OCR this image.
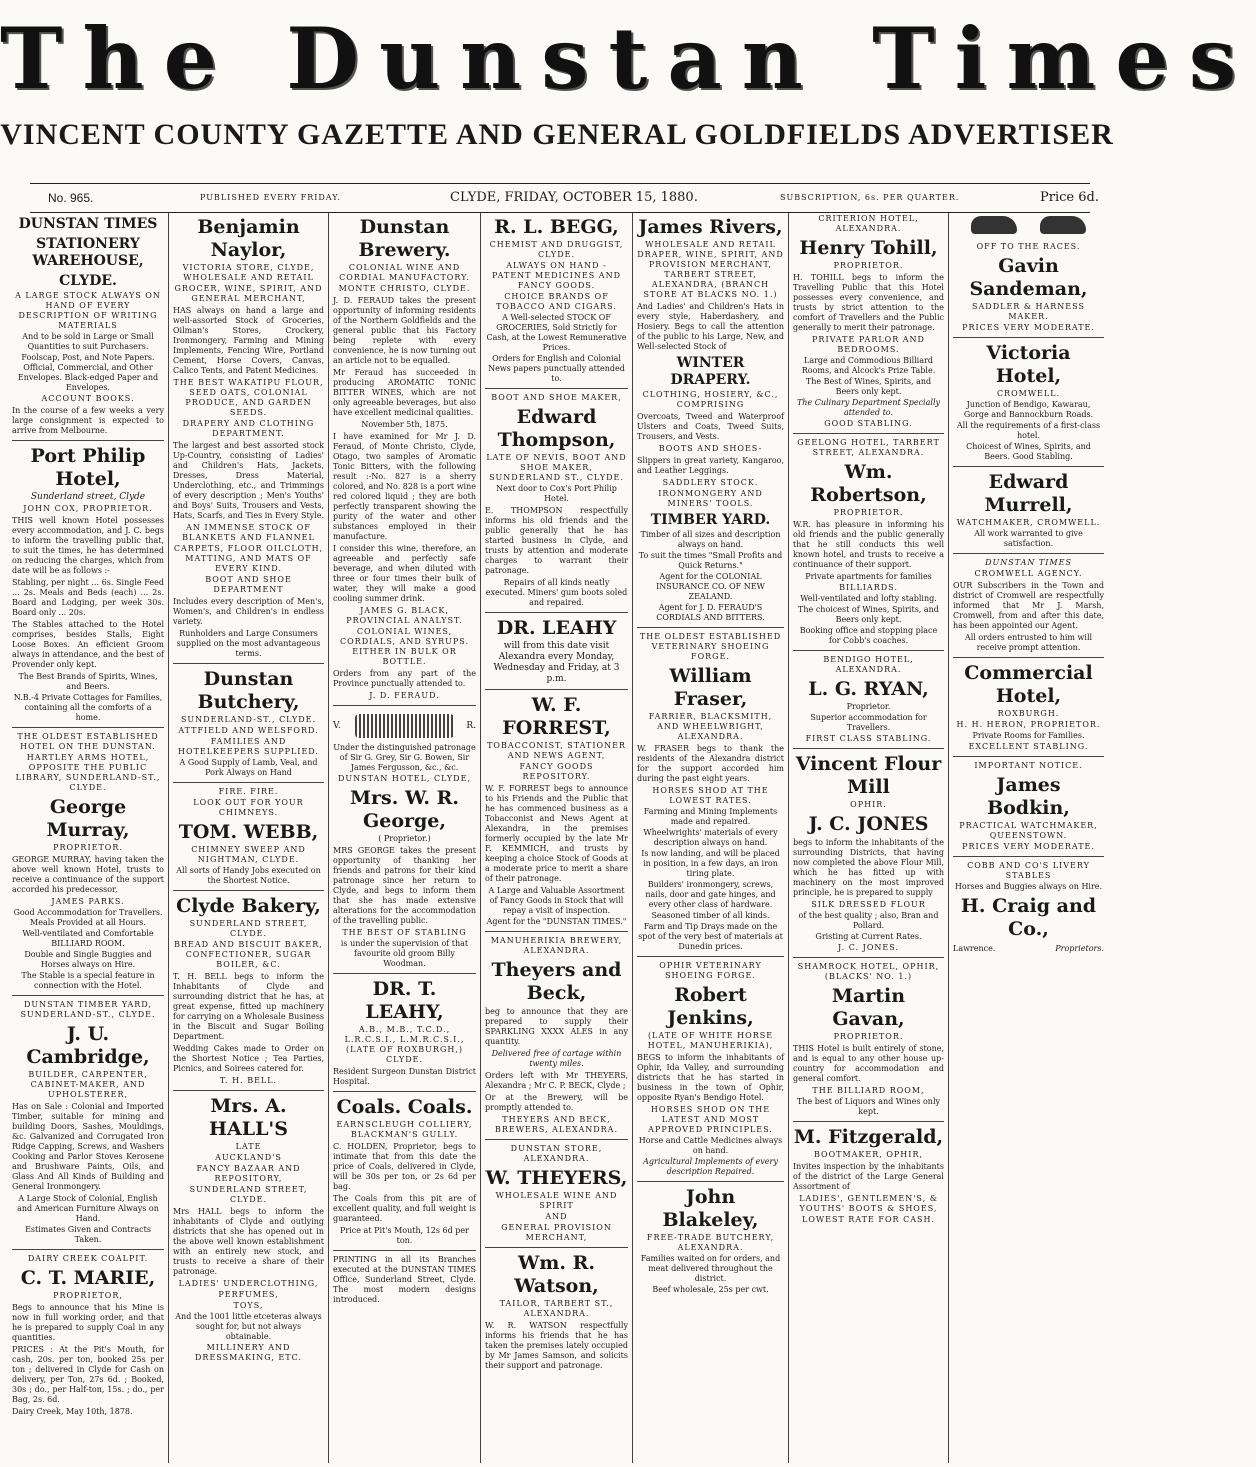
The Dunstan Times
VINCENT COUNTY GAZETTE AND GENERAL GOLDFIELDS ADVERTISER
No. 965.	PUBLISHED EVERY FRIDAY.	CLYDE, FRIDAY, OCTOBER 15, 1880.	SUBSCRIPTION, 6s. PER QUARTER.	Price 6d.
DUNSTAN TIMES
STATIONERY WAREHOUSE,
CLYDE.
A LARGE STOCK ALWAYS ON HAND OF EVERY DESCRIPTION OF WRITING MATERIALS
And to be sold in Large or Small Quantities to suit Purchasers.
Foolscap, Post, and Note Papers. Official, Commercial, and Other Envelopes. Black-edged Paper and Envelopes.
ACCOUNT BOOKS.
In the course of a few weeks a very large consignment is expected to arrive from Melbourne.
Port Philip Hotel,
Sunderland street, Clyde
JOHN COX, PROPRIETOR.
THIS well known Hotel possesses every accommodation, and J. C. begs to inform the travelling public that, to suit the times, he has determined on reducing the charges, which from date will be as follows :-
Stabling, per night ... 6s. Single Feed ... 2s. Meals and Beds (each) ... 2s. Board and Lodging, per week 30s. Board only ... 20s.
The Stables attached to the Hotel comprises, besides Stalls, Eight Loose Boxes. An efficient Groom always in attendance, and the best of Provender only kept.
The Best Brands of Spirits, Wines, and Beers.
N.B.-4 Private Cottages for Families, containing all the comforts of a home.
THE OLDEST ESTABLISHED HOTEL ON THE DUNSTAN.
HARTLEY ARMS HOTEL, OPPOSITE THE PUBLIC LIBRARY, SUNDERLAND-ST., CLYDE.
George Murray,
PROPRIETOR.
GEORGE MURRAY, having taken the above well known Hotel, trusts to receive a continuance of the support accorded his predecessor,
JAMES PARKS.
Good Accommodation for Travellers. Meals Provided at all Hours.
Well-ventilated and Comfortable BILLIARD ROOM.
Double and Single Buggies and Horses always on Hire.
The Stable is a special feature in connection with the Hotel.
DUNSTAN TIMBER YARD, SUNDERLAND-ST., CLYDE.
J. U. Cambridge,
BUILDER, CARPENTER, CABINET-MAKER, AND UPHOLSTERER,
Has on Sale : Colonial and Imported Timber, suitable for mining and building Doors, Sashes, Mouldings, &c. Galvanized and Corrugated Iron Ridge Capping, Screws, and Washers Cooking and Parlor Stoves Kerosene and Brushware Paints, Oils, and Glass And All Kinds of Building and General Ironmongery.
A Large Stock of Colonial, English and American Furniture Always on Hand.
Estimates Given and Contracts Taken.
DAIRY CREEK COALPIT.
C. T. MARIE,
PROPRIETOR,
Begs to announce that his Mine is now in full working order, and that he is prepared to supply Coal in any quantities.
PRICES : At the Pit's Mouth, for cash, 20s. per ton, booked 25s per ton ; delivered in Clyde for Cash on delivery, per Ton, 27s 6d. ; Booked, 30s ; do., per Half-ton, 15s. ; do., per Bag, 2s. 6d.
Dairy Creek, May 10th, 1878.
Benjamin Naylor,
VICTORIA STORE, CLYDE, WHOLESALE AND RETAIL
GROCER, WINE, SPIRIT, AND GENERAL MERCHANT,
HAS always on hand a large and well-assorted Stock of Groceries, Oilman's Stores, Crockery, Ironmongery, Farming and Mining Implements, Fencing Wire, Portland Cement, Horse Covers, Canvas, Calico Tents, and Patent Medicines.
THE BEST WAKATIPU FLOUR, SEED OATS, COLONIAL PRODUCE, AND GARDEN SEEDS.
DRAPERY AND CLOTHING DEPARTMENT.
The largest and best assorted stock Up-Country, consisting of Ladies' and Children's Hats, Jackets, Dresses, Dress Material, Underclothing, etc., and Trimmings of every description ; Men's Youths' and Boys' Suits, Trousers and Vests, Hats, Scarfs, and Ties in Every Style.
AN IMMENSE STOCK OF BLANKETS AND FLANNEL
CARPETS, FLOOR OILCLOTH, MATTING, AND MATS OF EVERY KIND.
BOOT AND SHOE DEPARTMENT
Includes every description of Men's, Women's, and Children's in endless variety.
Runholders and Large Consumers supplied on the most advantageous terms.
Dunstan Butchery,
SUNDERLAND-ST., CLYDE.
ATTFIELD AND WELSFORD.
FAMILIES AND HOTELKEEPERS SUPPLIED.
A Good Supply of Lamb, Veal, and Pork Always on Hand
FIRE. FIRE.
LOOK OUT FOR YOUR CHIMNEYS.
TOM. WEBB,
CHIMNEY SWEEP AND NIGHTMAN, CLYDE.
All sorts of Handy Jobs executed on the Shortest Notice.
Clyde Bakery,
SUNDERLAND STREET, CLYDE.
BREAD AND BISCUIT BAKER, CONFECTIONER, SUGAR BOILER, &C.
T. H. BELL begs to inform the Inhabitants of Clyde and surrounding district that he has, at great expense, fitted up machinery for carrying on a Wholesale Business in the Biscuit and Sugar Boiling Department.
Wedding Cakes made to Order on the Shortest Notice ; Tea Parties, Picnics, and Soirees catered for.
T. H. BELL.
Mrs. A. HALL'S
LATE
AUCKLAND'S
FANCY BAZAAR AND REPOSITORY,
SUNDERLAND STREET, CLYDE.
Mrs HALL begs to inform the inhabitants of Clyde and outlying districts that she has opened out in the above well known establishment with an entirely new stock, and trusts to receive a share of their patronage.
LADIES' UNDERCLOTHING,
PERFUMES,
TOYS,
And the 1001 little etceteras always sought for, but not always obtainable.
MILLINERY AND DRESSMAKING, ETC.
Dunstan Brewery.
COLONIAL WINE AND CORDIAL MANUFACTORY.
MONTE CHRISTO, CLYDE.
J. D. FERAUD takes the present opportunity of informing residents of the Northern Goldfields and the general public that his Factory being replete with every convenience, he is now turning out an article not to be equalled.
Mr Feraud has succeeded in producing AROMATIC TONIC BITTER WINES, which are not only agreeable beverages, but also have excellent medicinal qualities.
November 5th, 1875.
I have examined for Mr J. D. Feraud, of Monte Christo, Clyde, Otago, two samples of Aromatic Tonic Bitters, with the following result :-No. 827 is a sherry colored, and No. 828 is a port wine red colored liquid ; they are both perfectly transparent showing the purity of the water and other substances employed in their manufacture.
I consider this wine, therefore, an agreeable and perfectly safe beverage, and when diluted with three or four times their bulk of water, they will make a good cooling summer drink.
JAMES G. BLACK, PROVINCIAL ANALYST.
COLONIAL WINES, CORDIALS, AND SYRUPS. EITHER IN BULK OR BOTTLE.
Orders from any part of the Province punctually attended to.
J. D. FERAUD.
V.	R.
Under the distinguished patronage of Sir G. Grey, Sir G. Bowen, Sir James Fergusson, &c., &c.
DUNSTAN HOTEL, CLYDE,
Mrs. W. R. George,
( Proprietor.)
MRS GEORGE takes the present opportunity of thanking her friends and patrons for their kind patronage since her return to Clyde, and begs to inform them that she has made extensive alterations for the accommodation of the travelling public.
THE BEST OF STABLING
is under the supervision of that favourite old groom Billy Woodman.
DR. T. LEAHY,
A.B., M.B., T.C.D., L.R.C.S.I., L.M.R.C.S.I., (LATE OF ROXBURGH,) CLYDE.
Resident Surgeon Dunstan District Hospital.
Coals. Coals.
EARNSCLEUGH COLLIERY, BLACKMAN'S GULLY.
C. HOLDEN, Proprietor, begs to intimate that from this date the price of Coals, delivered in Clyde, will be 30s per ton, or 2s 6d per bag.
The Coals from this pit are of excellent quality, and full weight is guaranteed.
Price at Pit's Mouth, 12s 6d per ton.
PRINTING in all its Branches executed at the DUNSTAN TIMES Office, Sunderland Street, Clyde. The most modern designs introduced.
R. L. BEGG,
CHEMIST AND DRUGGIST, CLYDE.
ALWAYS ON HAND - PATENT MEDICINES AND FANCY GOODS.
CHOICE BRANDS OF TOBACCO AND CIGARS.
A Well-selected STOCK OF GROCERIES, Sold Strictly for Cash, at the Lowest Remunerative Prices.
Orders for English and Colonial News papers punctually attended to.
BOOT AND SHOE MAKER,
Edward Thompson,
LATE OF NEVIS, BOOT AND SHOE MAKER, SUNDERLAND ST., CLYDE.
Next door to Cox's Port Philip Hotel.
E. THOMPSON respectfully informs his old friends and the public generally that he has started business in Clyde, and trusts by attention and moderate charges to warrant their patronage.
Repairs of all kinds neatly executed. Miners' gum boots soled and repaired.
DR. LEAHY
will from this date visit Alexandra every Monday, Wednesday and Friday, at 3 p.m.
W. F. FORREST,
TOBACCONIST, STATIONER AND NEWS AGENT,
FANCY GOODS REPOSITORY.
W. F. FORREST begs to announce to his Friends and the Public that he has commenced business as a Tobacconist and News Agent at Alexandra, in the premises formerly occupied by the late Mr F. KEMMICH, and trusts by keeping a choice Stock of Goods at a moderate price to merit a share of their patronage.
A Large and Valuable Assortment of Fancy Goods in Stock that will repay a visit of inspection.
Agent for the "DUNSTAN TIMES."
MANUHERIKIA BREWERY, ALEXANDRA.
Theyers and Beck,
beg to announce that they are prepared to supply their SPARKLING XXXX ALES in any quantity.
Delivered free of cartage within twenty miles.
Orders left with Mr THEYERS, Alexandra ; Mr C. P. BECK, Clyde ;
Or at the Brewery, will be promptly attended to.
THEYERS AND BECK, BREWERS, ALEXANDRA.
DUNSTAN STORE, ALEXANDRA.
W. THEYERS,
WHOLESALE WINE AND SPIRIT
AND
GENERAL PROVISION MERCHANT,
Wm. R. Watson,
TAILOR, TARBERT ST., ALEXANDRA.
W. R. WATSON respectfully informs his friends that he has taken the premises lately occupied by Mr James Samson, and solicits their support and patronage.
James Rivers,
WHOLESALE AND RETAIL DRAPER, WINE, SPIRIT, AND PROVISION MERCHANT, TARBERT STREET, ALEXANDRA, (BRANCH STORE AT BLACKS NO. 1.)
And Ladies' and Children's Hats in every style, Haberdashery, and Hosiery. Begs to call the attention of the public to his Large, New, and Well-selected Stock of
WINTER DRAPERY.
CLOTHING, HOSIERY, &C., COMPRISING
Overcoats, Tweed and Waterproof Ulsters and Coats, Tweed Suits, Trousers, and Vests.
BOOTS AND SHOES-
Slippers in great variety, Kangaroo, and Leather Leggings.
SADDLERY STOCK.
IRONMONGERY AND MINERS' TOOLS.
TIMBER YARD.
Timber of all sizes and description always on hand.
To suit the times "Small Profits and Quick Returns."
Agent for the COLONIAL INSURANCE CO. OF NEW ZEALAND.
Agent for J. D. FERAUD'S CORDIALS AND BITTERS.
THE OLDEST ESTABLISHED VETERINARY SHOEING FORGE.
William Fraser,
FARRIER, BLACKSMITH, AND WHEELWRIGHT, ALEXANDRA.
W. FRASER begs to thank the residents of the Alexandra district for the support accorded him during the past eight years.
HORSES SHOD AT THE LOWEST RATES.
Farming and Mining Implements made and repaired.
Wheelwrights' materials of every description always on hand.
Is now landing, and will be placed in position, in a few days, an iron tiring plate.
Builders' ironmongery, screws, nails, door and gate hinges, and every other class of hardware.
Seasoned timber of all kinds.
Farm and Tip Drays made on the spot of the very best of materials at Dunedin prices.
OPHIR VETERINARY SHOEING FORGE.
Robert Jenkins,
(LATE OF WHITE HORSE HOTEL, MANUHERIKIA),
BEGS to inform the inhabitants of Ophir, Ida Valley, and surrounding districts that he has started in business in the town of Ophir, opposite Ryan's Bendigo Hotel.
HORSES SHOD ON THE LATEST AND MOST APPROVED PRINCIPLES.
Horse and Cattle Medicines always on hand.
Agricultural Implements of every description Repaired.
John Blakeley,
FREE-TRADE BUTCHERY, ALEXANDRA.
Families waited on for orders, and meat delivered throughout the district.
Beef wholesale, 25s per cwt.
CRITERION HOTEL, ALEXANDRA.
Henry Tohill,
PROPRIETOR.
H. TOHILL begs to inform the Travelling Public that this Hotel possesses every convenience, and trusts by strict attention to the comfort of Travellers and the Public generally to merit their patronage.
PRIVATE PARLOR AND BEDROOMS.
Large and Commodious Billiard Rooms, and Alcock's Prize Table.
The Best of Wines, Spirits, and Beers only kept.
The Culinary Department Specially attended to.
GOOD STABLING.
GEELONG HOTEL, TARBERT STREET, ALEXANDRA.
Wm. Robertson,
PROPRIETOR.
W.R. has pleasure in informing his old friends and the public generally that he still conducts this well known hotel, and trusts to receive a continuance of their support.
Private apartments for families
BILLIARDS.
Well-ventilated and lofty stabling.
The choicest of Wines, Spirits, and Beers only kept.
Booking office and stopping place for Cobb's coaches.
BENDIGO HOTEL, ALEXANDRA.
L. G. RYAN,
Proprietor.
Superior accommodation for Travellers.
FIRST CLASS STABLING.
Vincent Flour Mill
OPHIR.
J. C. JONES
begs to inform the inhabitants of the surrounding Districts, that having now completed the above Flour Mill, which he has fitted up with machinery on the most improved principle, he is prepared to supply
SILK DRESSED FLOUR
of the best quality ; also, Bran and Pollard.
Gristing at Current Rates.
J. C. JONES.
SHAMROCK HOTEL, OPHIR, (BLACKS' NO. 1.)
Martin Gavan,
PROPRIETOR.
THIS Hotel is built entirely of stone, and is equal to any other house up-country for accommodation and general comfort.
THE BILLIARD ROOM,
The best of Liquors and Wines only kept.
M. Fitzgerald,
BOOTMAKER, OPHIR,
Invites inspection by the inhabitants of the district of the Large General Assortment of
LADIES', GENTLEMEN'S, & YOUTHS' BOOTS & SHOES,
LOWEST RATE FOR CASH.

OFF TO THE RACES.
Gavin Sandeman,
SADDLER & HARNESS MAKER.
PRICES VERY MODERATE.
Victoria Hotel,
CROMWELL.
Junction of Bendigo, Kawarau, Gorge and Bannockburn Roads.
All the requirements of a first-class hotel.
Choicest of Wines, Spirits, and Beers. Good Stabling.
Edward Murrell,
WATCHMAKER, CROMWELL.
All work warranted to give satisfaction.
DUNSTAN TIMES
CROMWELL AGENCY.
OUR Subscribers in the Town and district of Cromwell are respectfully informed that Mr J. Marsh, Cromwell, from and after this date, has been appointed our Agent.
All orders entrusted to him will receive prompt attention.
Commercial Hotel,
ROXBURGH.
H. H. HERON, PROPRIETOR.
Private Rooms for Families.
EXCELLENT STABLING.
IMPORTANT NOTICE.
James Bodkin,
PRACTICAL WATCHMAKER, QUEENSTOWN.
PRICES VERY MODERATE.
COBB AND CO'S LIVERY STABLES
Horses and Buggies always on Hire.
H. Craig and Co.,
Lawrence.	Proprietors.
